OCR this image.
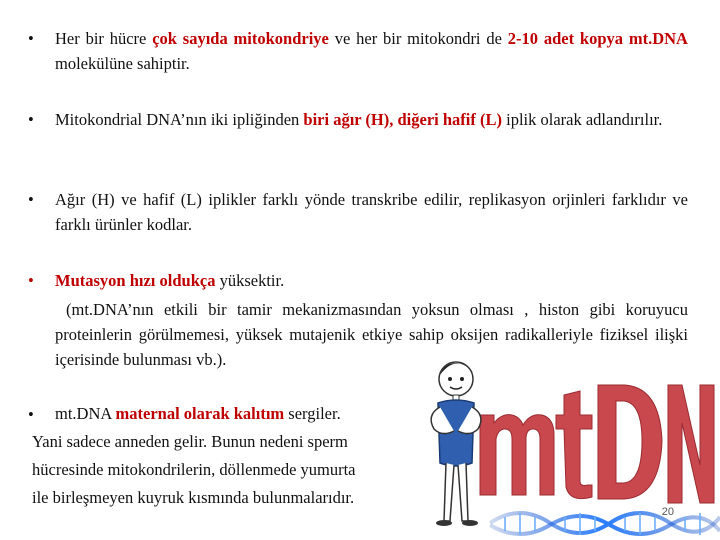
• Her bir hücre çok sayıda mitokondriye ve her bir mitokondri de 2-10 adet kopya mt.DNA molekülüne sahiptir.
• Mitokondrial DNA’nın iki ipliğinden biri ağır (H), diğeri hafif (L) iplik olarak adlandırılır.
• Ağır (H) ve hafif (L) iplikler farklı yönde transkribe edilir, replikasyon orjinleri farklıdır ve farklı ürünler kodlar.
• Mutasyon hızı oldukça yüksektir.
(mt.DNA’nın etkili bir tamir mekanizmasından yoksun olması , histon gibi koruyucu proteinlerin görülmemesi, yüksek mutajenik etkiye sahip oksijen radikalleriyle fiziksel ilişki içerisinde bulunması vb.).
• mt.DNA maternal olarak kalıtım sergiler.
Yani sadece anneden gelir. Bunun nedeni sperm
hücresinde mitokondrilerin, döllenmede yumurta
ile birleşmeyen kuyruk kısmında bulunmalarıdır.
20
